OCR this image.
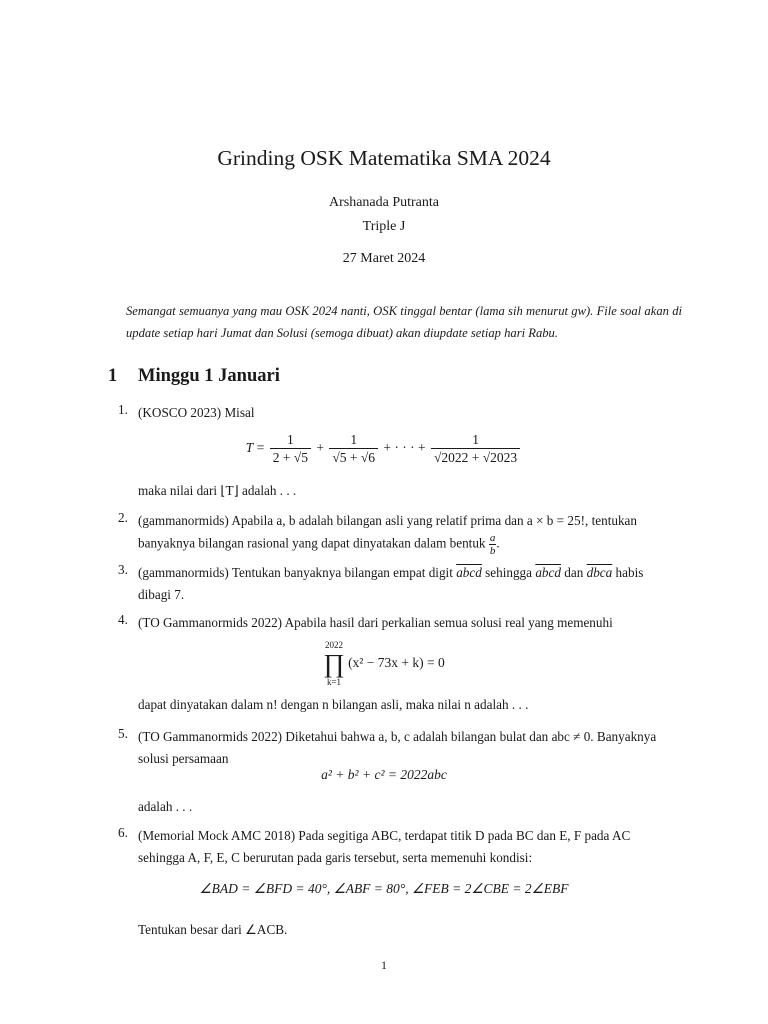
Grinding OSK Matematika SMA 2024
Arshanada Putranta
Triple J
27 Maret 2024
Semangat semuanya yang mau OSK 2024 nanti, OSK tinggal bentar (lama sih menurut gw). File soal akan di update setiap hari Jumat dan Solusi (semoga dibuat) akan diupdate setiap hari Rabu.
1 Minggu 1 Januari
1. (KOSCO 2023) Misal
$T = \frac{1}{2 + √5} + \frac{1}{√5 + √6}$ + · · · + $\frac{1}{√2022 + √2023}$
maka nilai dari ⌊T⌋ adalah . . .
2. (gammanormids) Apabila a, b adalah bilangan asli yang relatif prima dan a × b = 25!, tentukan
banyaknya bilangan rasional yang dapat dinyatakan dalam bentuk $\frac{a}{b}$ .
3. (gammanormids) Tentukan banyaknya bilangan empat digit abcd sehingga abcd dan dbca habis
dibagi 7.
4. (TO Gammanormids 2022) Apabila hasil dari perkalian semua solusi real yang memenuhi
2022
∏
k=1
(x² − 73x + k) = 0
dapat dinyatakan dalam n! dengan n bilangan asli, maka nilai n adalah . . .
5. (TO Gammanormids 2022) Diketahui bahwa a, b, c adalah bilangan bulat dan abc ≠ 0. Banyaknya
solusi persamaan
a² + b² + c² = 2022abc
adalah . . .
6. (Memorial Mock AMC 2018) Pada segitiga ABC, terdapat titik D pada BC dan E, F pada AC
sehingga A, F, E, C berurutan pada garis tersebut, serta memenuhi kondisi:
∠BAD = ∠BFD = 40°, ∠ABF = 80°, ∠FEB = 2∠CBE = 2∠EBF
Tentukan besar dari ∠ACB.
1
